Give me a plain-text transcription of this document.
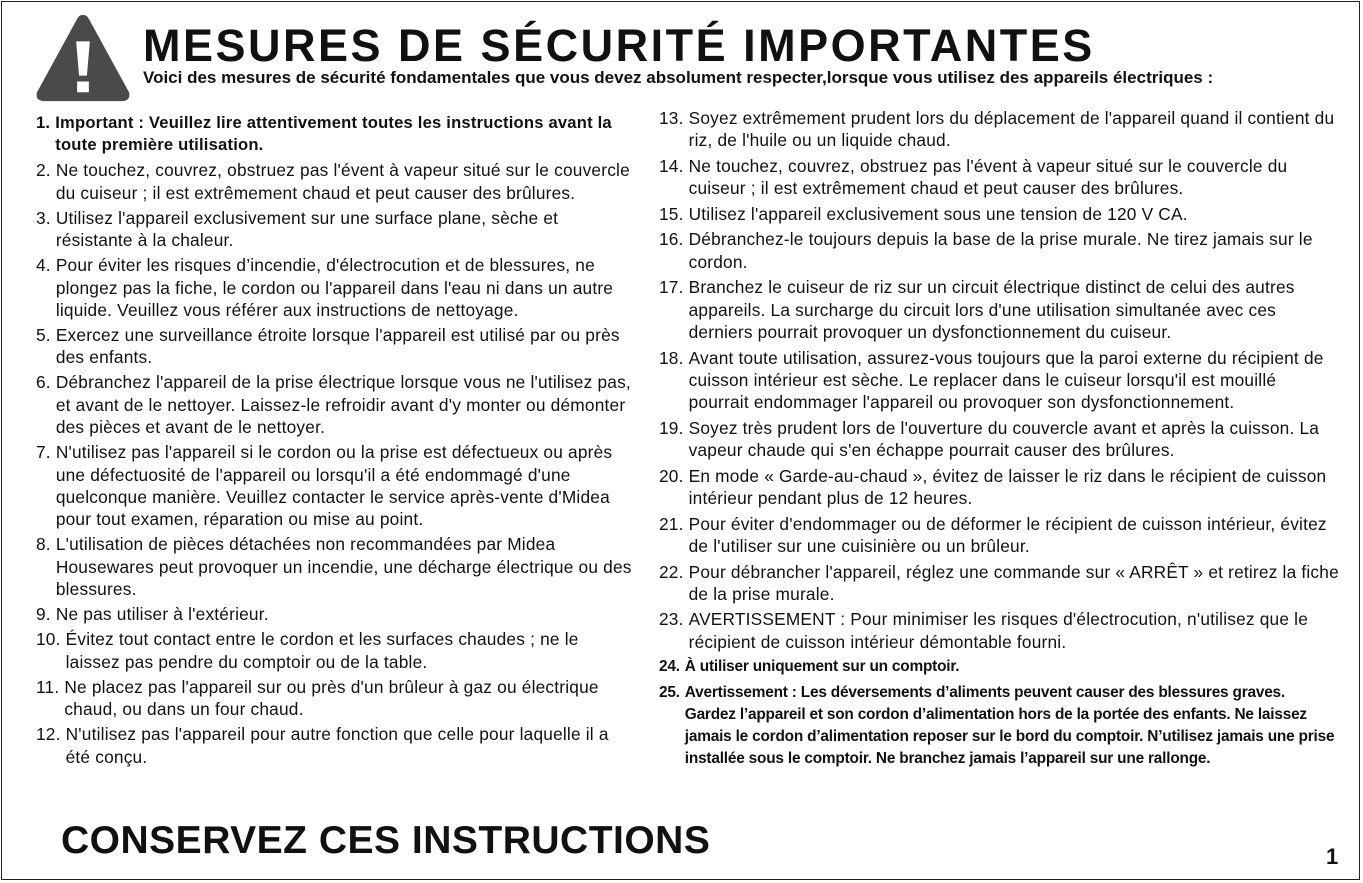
MESURES DE SÉCURITÉ IMPORTANTES

Voici des mesures de sécurité fondamentales que vous devez absolument respecter,lorsque vous utilisez des appareils électriques :

1. Important : Veuillez lire attentivement toutes les instructions avant la toute première utilisation.
2. Ne touchez, couvrez, obstruez pas l'évent à vapeur situé sur le couvercle du cuiseur ; il est extrêmement chaud et peut causer des brûlures.
3. Utilisez l'appareil exclusivement sur une surface plane, sèche et résistante à la chaleur.
4. Pour éviter les risques d’incendie, d'électrocution et de blessures, ne plongez pas la fiche, le cordon ou l'appareil dans l'eau ni dans un autre liquide. Veuillez vous référer aux instructions de nettoyage.
5. Exercez une surveillance étroite lorsque l'appareil est utilisé par ou près des enfants.
6. Débranchez l'appareil de la prise électrique lorsque vous ne l'utilisez pas, et avant de le nettoyer. Laissez-le refroidir avant d'y monter ou démonter des pièces et avant de le nettoyer.
7. N'utilisez pas l'appareil si le cordon ou la prise est défectueux ou après une défectuosité de l'appareil ou lorsqu'il a été endommagé d'une quelconque manière. Veuillez contacter le service après-vente d'Midea pour tout examen, réparation ou mise au point.
8. L'utilisation de pièces détachées non recommandées par Midea Housewares peut provoquer un incendie, une décharge électrique ou des blessures.
9. Ne pas utiliser à l'extérieur.
10. Évitez tout contact entre le cordon et les surfaces chaudes ; ne le laissez pas pendre du comptoir ou de la table.
11. Ne placez pas l'appareil sur ou près d'un brûleur à gaz ou électrique chaud, ou dans un four chaud.
12. N'utilisez pas l'appareil pour autre fonction que celle pour laquelle il a été conçu.
13. Soyez extrêmement prudent lors du déplacement de l'appareil quand il contient du riz, de l'huile ou un liquide chaud.
14. Ne touchez, couvrez, obstruez pas l'évent à vapeur situé sur le couvercle du cuiseur ; il est extrêmement chaud et peut causer des brûlures.
15. Utilisez l'appareil exclusivement sous une tension de 120 V CA.
16. Débranchez-le toujours depuis la base de la prise murale. Ne tirez jamais sur le cordon.
17. Branchez le cuiseur de riz sur un circuit électrique distinct de celui des autres appareils. La surcharge du circuit lors d'une utilisation simultanée avec ces derniers pourrait provoquer un dysfonctionnement du cuiseur.
18. Avant toute utilisation, assurez-vous toujours que la paroi externe du récipient de cuisson intérieur est sèche. Le replacer dans le cuiseur lorsqu'il est mouillé pourrait endommager l'appareil ou provoquer son dysfonctionnement.
19. Soyez très prudent lors de l'ouverture du couvercle avant et après la cuisson. La vapeur chaude qui s'en échappe pourrait causer des brûlures.
20. En mode « Garde-au-chaud », évitez de laisser le riz dans le récipient de cuisson intérieur pendant plus de 12 heures.
21. Pour éviter d'endommager ou de déformer le récipient de cuisson intérieur, évitez de l'utiliser sur une cuisinière ou un brûleur.
22. Pour débrancher l'appareil, réglez une commande sur « ARRÊT » et retirez la fiche de la prise murale.
23. AVERTISSEMENT : Pour minimiser les risques d'électrocution, n'utilisez que le récipient de cuisson intérieur démontable fourni.
24. À utiliser uniquement sur un comptoir.
25. Avertissement : Les déversements d’aliments peuvent causer des blessures graves. Gardez l’appareil et son cordon d’alimentation hors de la portée des enfants. Ne laissez jamais le cordon d’alimentation reposer sur le bord du comptoir. N’utilisez jamais une prise installée sous le comptoir. Ne branchez jamais l’appareil sur une rallonge.
CONSERVEZ CES INSTRUCTIONS	1
